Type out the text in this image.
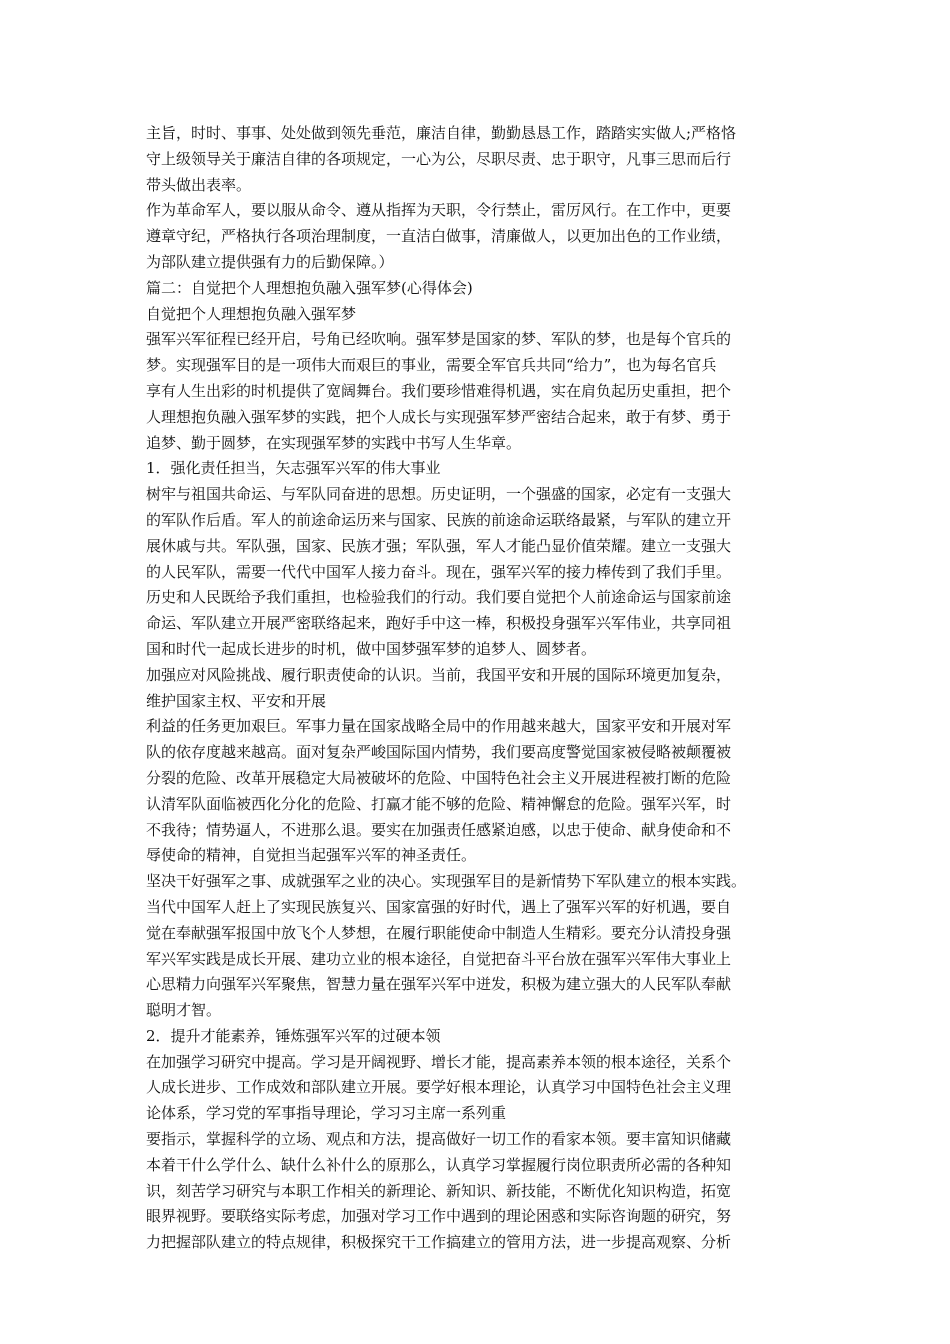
主旨，时时、事事、处处做到领先垂范，廉洁自律，勤勤恳恳工作，踏踏实实做人;严格恪
守上级领导关于廉洁自律的各项规定，一心为公，尽职尽责、忠于职守，凡事三思而后行
带头做出表率。
作为革命军人，要以服从命令、遵从指挥为天职，令行禁止，雷厉风行。在工作中，更要
遵章守纪，严格执行各项治理制度，一直洁白做事，清廉做人，以更加出色的工作业绩，
为部队建立提供强有力的后勤保障。）
篇二：自觉把个人理想抱负融入强军梦(心得体会)
自觉把个人理想抱负融入强军梦
强军兴军征程已经开启，号角已经吹响。强军梦是国家的梦、军队的梦，也是每个官兵的
梦。实现强军目的是一项伟大而艰巨的事业，需要全军官兵共同“给力”，也为每名官兵
享有人生出彩的时机提供了宽阔舞台。我们要珍惜难得机遇，实在肩负起历史重担，把个
人理想抱负融入强军梦的实践，把个人成长与实现强军梦严密结合起来，敢于有梦、勇于
追梦、勤于圆梦，在实现强军梦的实践中书写人生华章。
1．强化责任担当，矢志强军兴军的伟大事业
树牢与祖国共命运、与军队同奋进的思想。历史证明，一个强盛的国家，必定有一支强大
的军队作后盾。军人的前途命运历来与国家、民族的前途命运联络最紧，与军队的建立开
展休戚与共。军队强，国家、民族才强；军队强，军人才能凸显价值荣耀。建立一支强大
的人民军队，需要一代代中国军人接力奋斗。现在，强军兴军的接力棒传到了我们手里。
历史和人民既给予我们重担，也检验我们的行动。我们要自觉把个人前途命运与国家前途
命运、军队建立开展严密联络起来，跑好手中这一棒，积极投身强军兴军伟业，共享同祖
国和时代一起成长进步的时机，做中国梦强军梦的追梦人、圆梦者。
加强应对风险挑战、履行职责使命的认识。当前，我国平安和开展的国际环境更加复杂，
维护国家主权、平安和开展
利益的任务更加艰巨。军事力量在国家战略全局中的作用越来越大，国家平安和开展对军
队的依存度越来越高。面对复杂严峻国际国内情势，我们要高度警觉国家被侵略被颠覆被
分裂的危险、改革开展稳定大局被破坏的危险、中国特色社会主义开展进程被打断的危险
认清军队面临被西化分化的危险、打赢才能不够的危险、精神懈怠的危险。强军兴军，时
不我待；情势逼人，不进那么退。要实在加强责任感紧迫感，以忠于使命、献身使命和不
辱使命的精神，自觉担当起强军兴军的神圣责任。
坚决干好强军之事、成就强军之业的决心。实现强军目的是新情势下军队建立的根本实践。
当代中国军人赶上了实现民族复兴、国家富强的好时代，遇上了强军兴军的好机遇，要自
觉在奉献强军报国中放飞个人梦想，在履行职能使命中制造人生精彩。要充分认清投身强
军兴军实践是成长开展、建功立业的根本途径，自觉把奋斗平台放在强军兴军伟大事业上
心思精力向强军兴军聚焦，智慧力量在强军兴军中迸发，积极为建立强大的人民军队奉献
聪明才智。
2．提升才能素养，锤炼强军兴军的过硬本领
在加强学习研究中提高。学习是开阔视野、增长才能，提高素养本领的根本途径，关系个
人成长进步、工作成效和部队建立开展。要学好根本理论，认真学习中国特色社会主义理
论体系，学习党的军事指导理论，学习习主席一系列重
要指示，掌握科学的立场、观点和方法，提高做好一切工作的看家本领。要丰富知识储藏
本着干什么学什么、缺什么补什么的原那么，认真学习掌握履行岗位职责所必需的各种知
识，刻苦学习研究与本职工作相关的新理论、新知识、新技能，不断优化知识构造，拓宽
眼界视野。要联络实际考虑，加强对学习工作中遇到的理论困惑和实际咨询题的研究，努
力把握部队建立的特点规律，积极探究干工作搞建立的管用方法，进一步提高观察、分析
